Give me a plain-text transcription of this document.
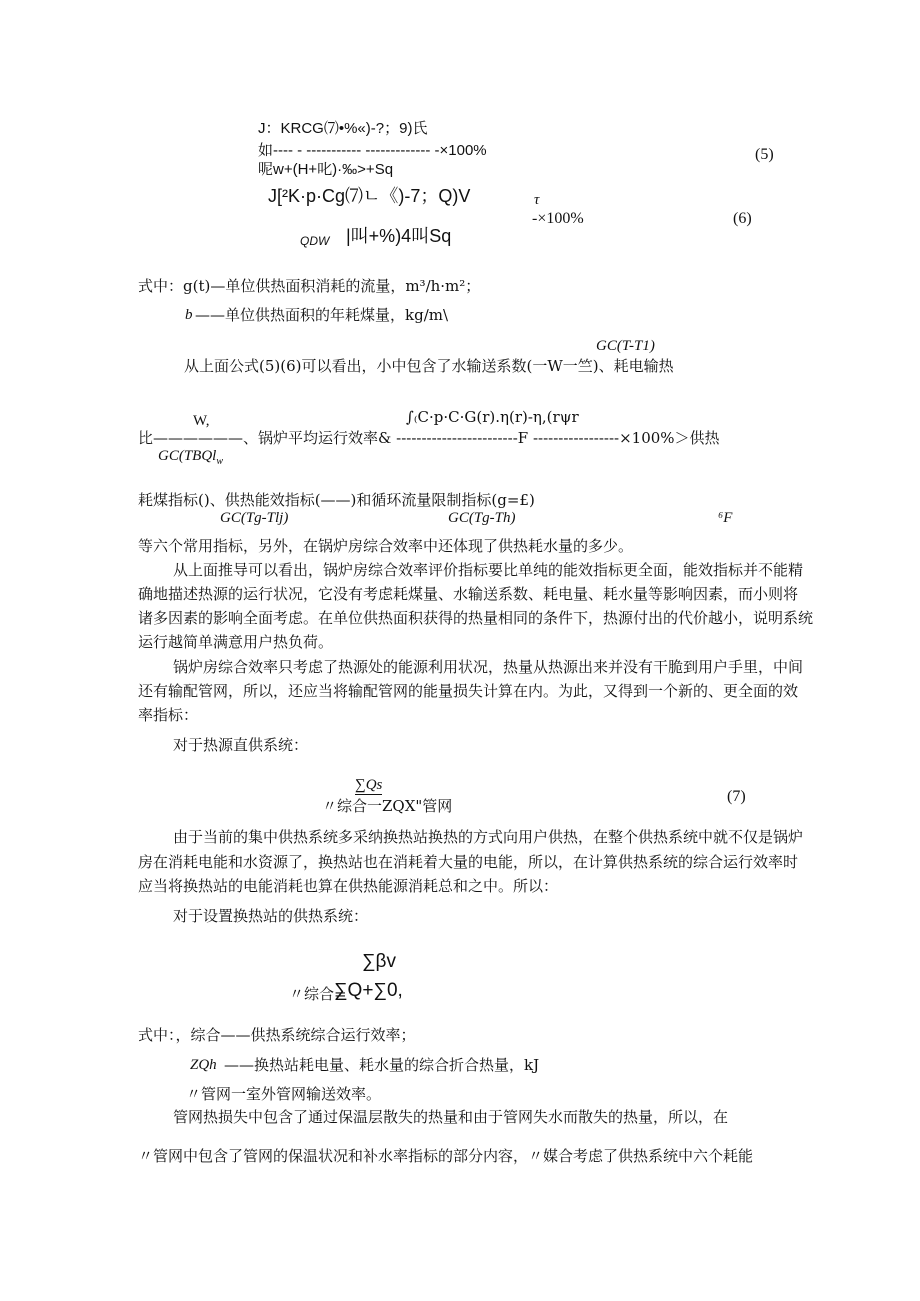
J：KRCG⑺•%«)-?；9)氏
如---- - ----------- ------------- -×100%
呢w+(H+叱)·‰>+Sq
(5)
J[²K·p·Cg⑺ㄴ《)-7；Q)V	τ
-×100%	(6)
QDW |叫+%)4叫Sq
式中：g(t)—单位供热面积消耗的流量，m³/h·m²；
b ——单位供热面积的年耗煤量，kg∕m\
GC(T-T1)
从上面公式(5)(6)可以看出，小中包含了水输送系数(一W一竺)、耗电输热
W,	∫₍C·p·C·G(r).η(r)-η,(rψr
比——————、锅炉平均运行效率& ------------------------F -----------------×100%＞供热
GC(TBQl$_w$
耗煤指标()、供热能效指标(——)和循环流量限制指标(g=£)
GC(Tg-Tlj)	GC(Tg-Th)	⁶F
等六个常用指标，另外，在锅炉房综合效率中还体现了供热耗水量的多少。
从上面推导可以看出，锅炉房综合效率评价指标要比单纯的能效指标更全面，能效指标并不能精
确地描述热源的运行状况，它没有考虑耗煤量、水输送系数、耗电量、耗水量等影响因素，而小则将
诸多因素的影响全面考虑。在单位供热面积获得的热量相同的条件下，热源付出的代价越小，说明系统
运行越简单满意用户热负荷。
锅炉房综合效率只考虑了热源处的能源利用状况，热量从热源出来并没有干脆到用户手里，中间
还有输配管网，所以，还应当将输配管网的能量损失计算在内。为此，又得到一个新的、更全面的效
率指标：
对于热源直供系统：
∑Qs
〃综合一ZQX"管网
(7)
由于当前的集中供热系统多采纳换热站换热的方式向用户供热，在整个供热系统中就不仅是锅炉
房在消耗电能和水资源了，换热站也在消耗着大量的电能，所以，在计算供热系统的综合运行效率时
应当将换热站的电能消耗也算在供热能源消耗总和之中。所以：
对于设置换热站的供热系统：
∑βv
〃综合=
∑Q+∑0,
式中：，综合——供热系统综合运行效率；
ZQh ——换热站耗电量、耗水量的综合折合热量，kJ
〃管网一室外管网输送效率。
管网热损失中包含了通过保温层散失的热量和由于管网失水而散失的热量，所以，在
〃管网中包含了管网的保温状况和补水率指标的部分内容，〃媒合考虑了供热系统中六个耗能
